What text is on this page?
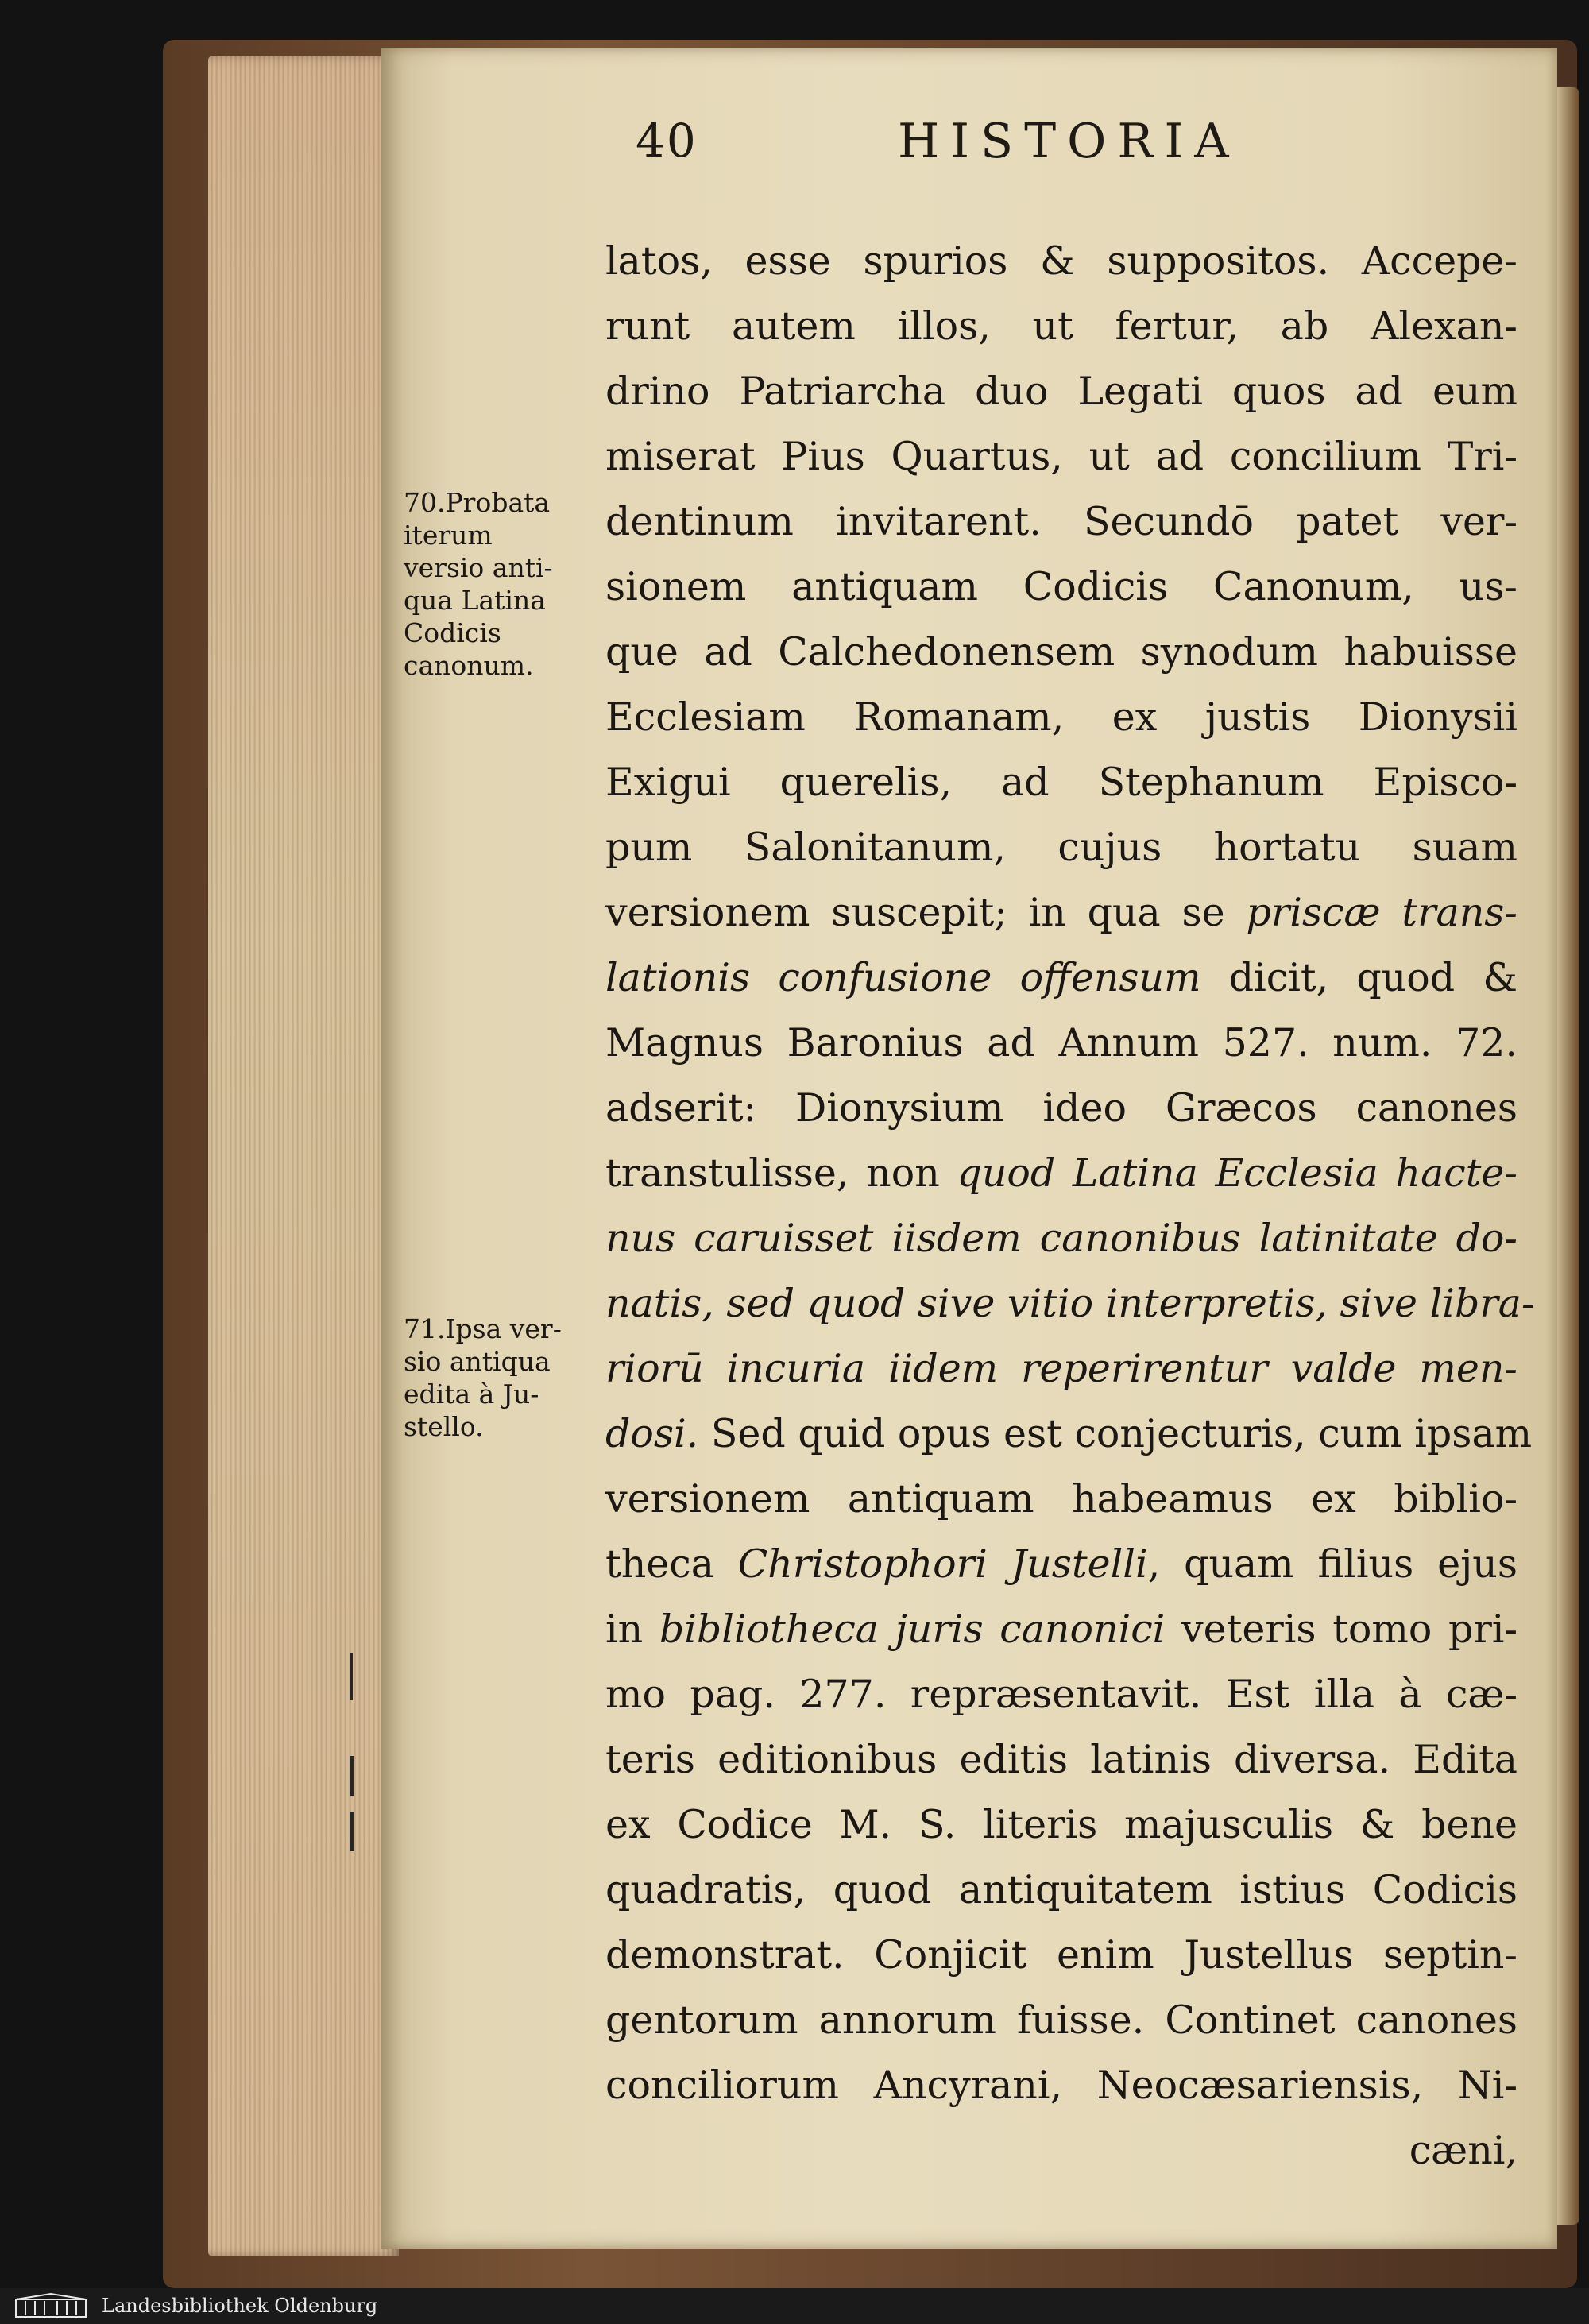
40	HISTORIA
latos, esse spurios & suppositos. Accepe-
runt autem illos, ut fertur, ab Alexan-
drino Patriarcha duo Legati quos ad eum
miserat Pius Quartus, ut ad concilium Tri-
dentinum invitarent. Secundō patet ver-
sionem antiquam Codicis Canonum, us-
que ad Calchedonensem synodum habuisse
Ecclesiam Romanam, ex justis Dionysii
Exigui querelis, ad Stephanum Episco-
pum Salonitanum, cujus hortatu suam
versionem suscepit; in qua se priscæ trans-
lationis confusione offensum dicit, quod &
Magnus Baronius ad Annum 527. num. 72.
adserit: Dionysium ideo Græcos canones
transtulisse, non quod Latina Ecclesia hacte-
nus caruisset iisdem canonibus latinitate do-
natis, sed quod sive vitio interpretis, sive libra-
riorū incuria iidem reperirentur valde men-
dosi. Sed quid opus est conjecturis, cum ipsam
versionem antiquam habeamus ex biblio-
theca Christophori Justelli, quam filius ejus
in bibliotheca juris canonici veteris tomo pri-
mo pag. 277. repræsentavit. Est illa à cæ-
teris editionibus editis latinis diversa. Edita
ex Codice M. S. literis majusculis & bene
quadratis, quod antiquitatem istius Codicis
demonstrat. Conjicit enim Justellus septin-
gentorum annorum fuisse. Continet canones
conciliorum Ancyrani, Neocæsariensis, Ni-
cæni,
70.Probata
iterum
versio anti-
qua Latina
Codicis
canonum.
71.Ipsa ver-
sio antiqua
edita à Ju-
stello.
Landesbibliothek Oldenburg
